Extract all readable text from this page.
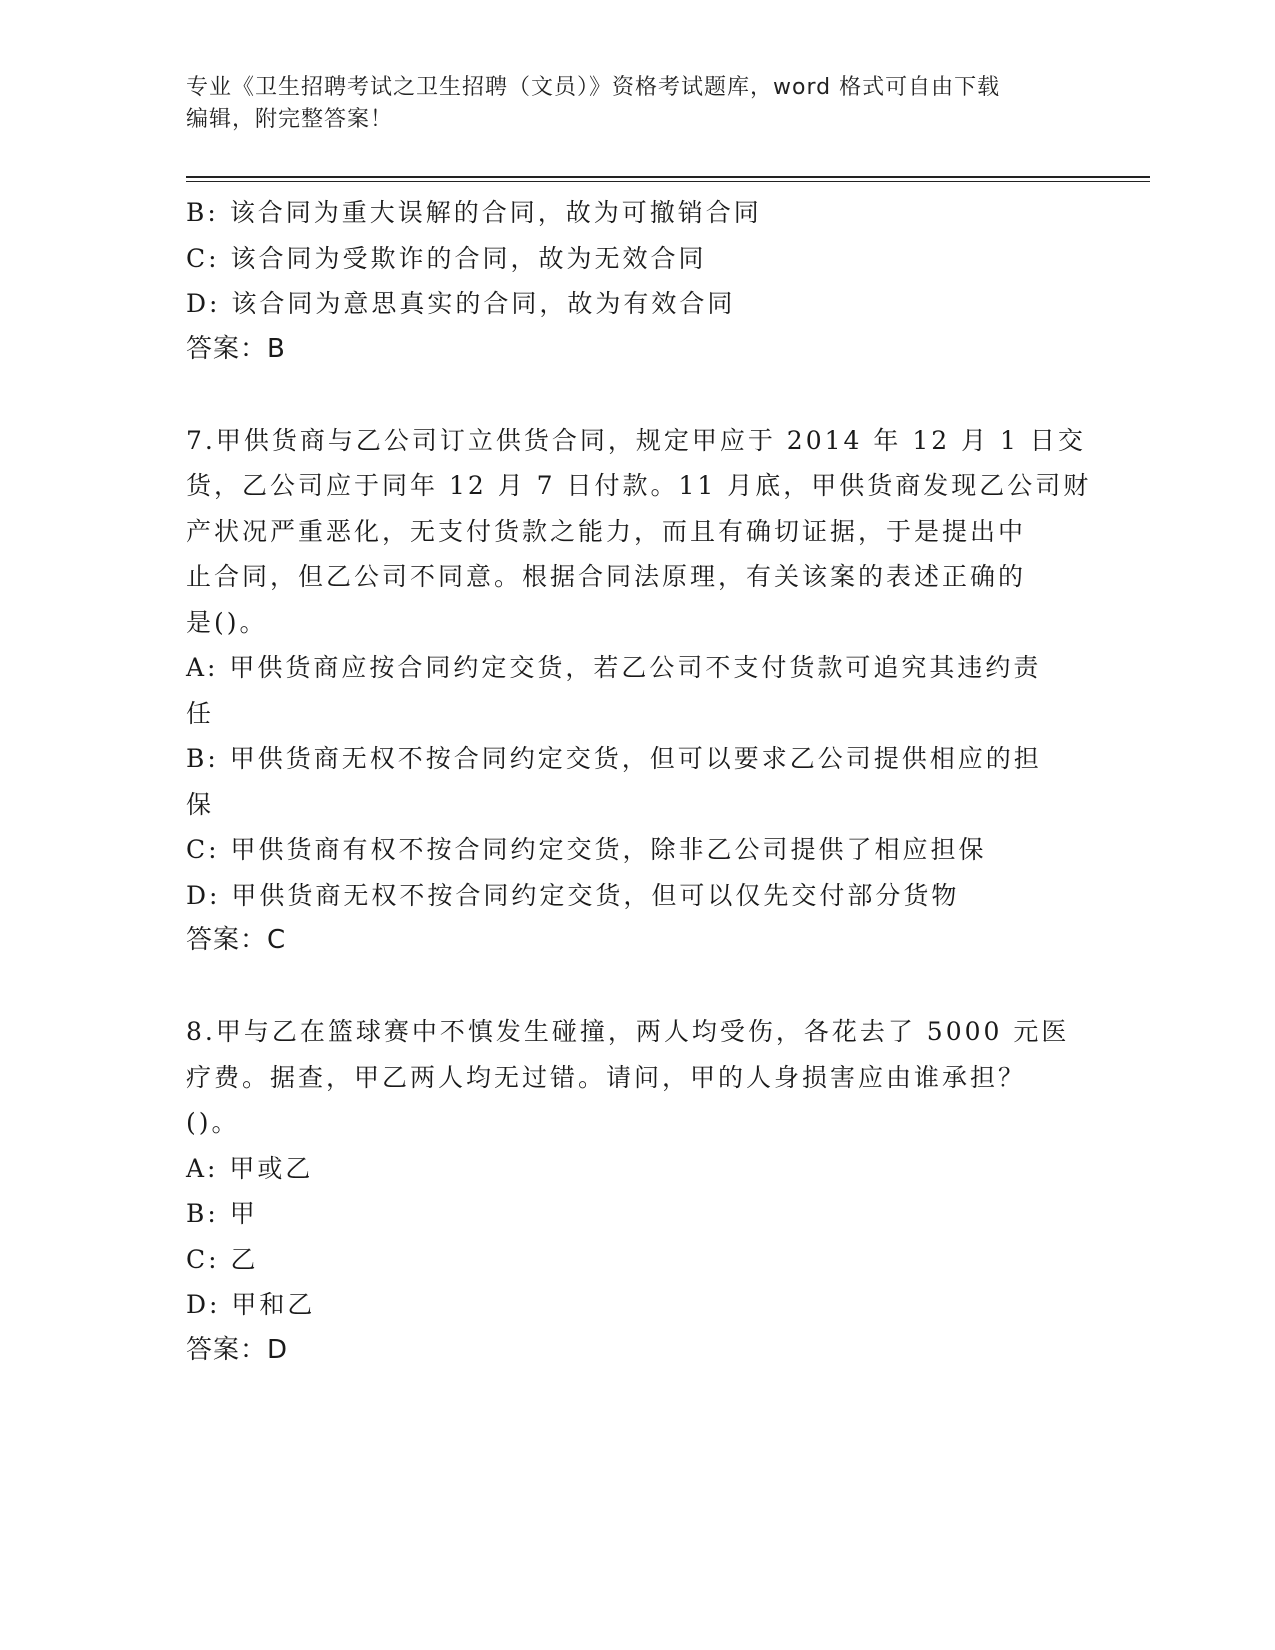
专业《卫生招聘考试之卫生招聘（文员）》资格考试题库，word 格式可自由下载
编辑，附完整答案！
B: 该合同为重大误解的合同，故为可撤销合同
C: 该合同为受欺诈的合同，故为无效合同
D: 该合同为意思真实的合同，故为有效合同
答案：B
7.甲供货商与乙公司订立供货合同，规定甲应于 2014 年 12 月 1 日交
货，乙公司应于同年 12 月 7 日付款。11 月底，甲供货商发现乙公司财
产状况严重恶化，无支付货款之能力，而且有确切证据，于是提出中
止合同，但乙公司不同意。根据合同法原理，有关该案的表述正确的
是()。
A: 甲供货商应按合同约定交货，若乙公司不支付货款可追究其违约责
任
B: 甲供货商无权不按合同约定交货，但可以要求乙公司提供相应的担
保
C: 甲供货商有权不按合同约定交货，除非乙公司提供了相应担保
D: 甲供货商无权不按合同约定交货，但可以仅先交付部分货物
答案：C
8.甲与乙在篮球赛中不慎发生碰撞，两人均受伤，各花去了 5000 元医
疗费。据查，甲乙两人均无过错。请问，甲的人身损害应由谁承担？
()。
A: 甲或乙
B: 甲
C: 乙
D: 甲和乙
答案：D
